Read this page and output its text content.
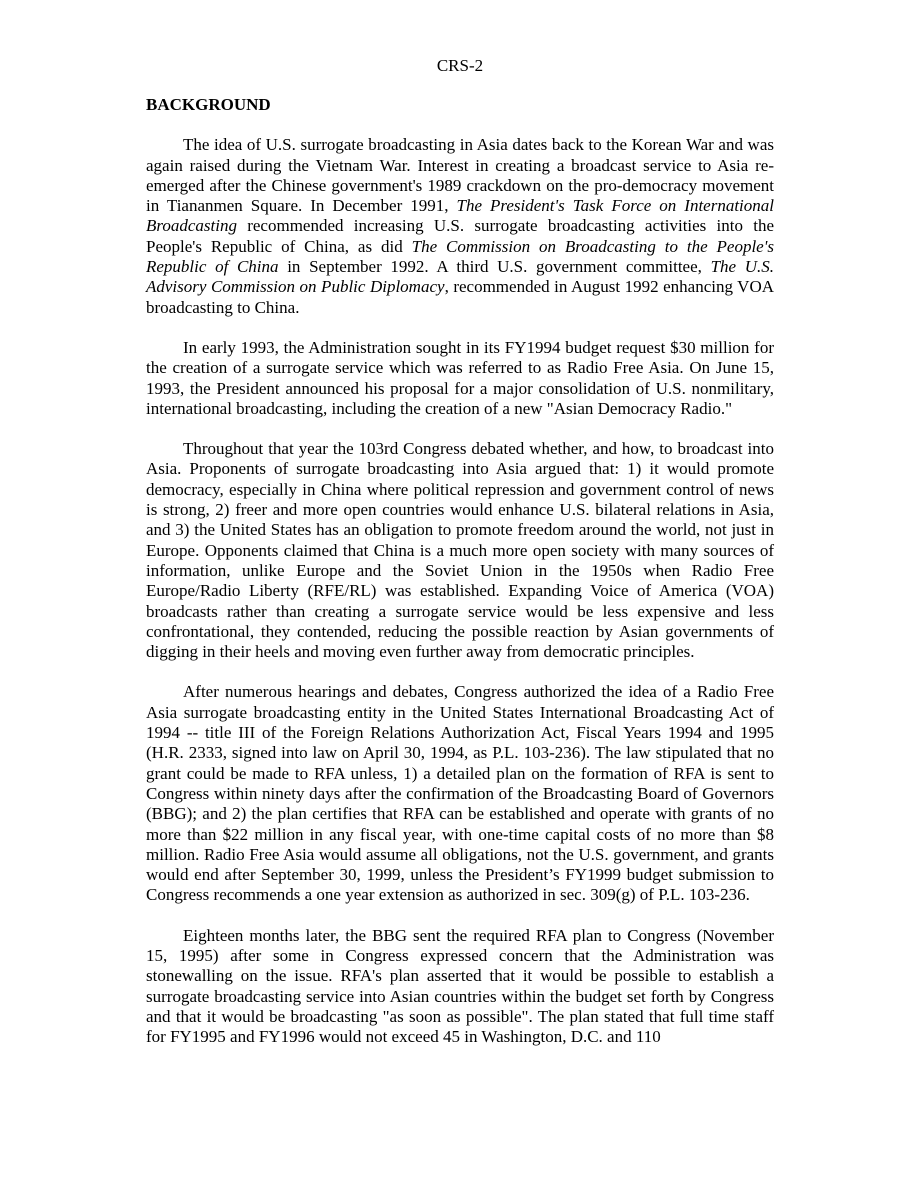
CRS-2
BACKGROUND

The idea of U.S. surrogate broadcasting in Asia dates back to the Korean War and was again raised during the Vietnam War. Interest in creating a broadcast service to Asia re-emerged after the Chinese government's 1989 crackdown on the pro-democracy movement in Tiananmen Square. In December 1991, The President's Task Force on International Broadcasting recommended increasing U.S. surrogate broadcasting activities into the People's Republic of China, as did The Commission on Broadcasting to the People's Republic of China in September 1992. A third U.S. government committee, The U.S. Advisory Commission on Public Diplomacy, recommended in August 1992 enhancing VOA broadcasting to China.

In early 1993, the Administration sought in its FY1994 budget request $30 million for the creation of a surrogate service which was referred to as Radio Free Asia. On June 15, 1993, the President announced his proposal for a major consolidation of U.S. nonmilitary, international broadcasting, including the creation of a new "Asian Democracy Radio."

Throughout that year the 103rd Congress debated whether, and how, to broadcast into Asia. Proponents of surrogate broadcasting into Asia argued that: 1) it would promote democracy, especially in China where political repression and government control of news is strong, 2) freer and more open countries would enhance U.S. bilateral relations in Asia, and 3) the United States has an obligation to promote freedom around the world, not just in Europe. Opponents claimed that China is a much more open society with many sources of information, unlike Europe and the Soviet Union in the 1950s when Radio Free Europe/Radio Liberty (RFE/RL) was established. Expanding Voice of America (VOA) broadcasts rather than creating a surrogate service would be less expensive and less confrontational, they contended, reducing the possible reaction by Asian governments of digging in their heels and moving even further away from democratic principles.

After numerous hearings and debates, Congress authorized the idea of a Radio Free Asia surrogate broadcasting entity in the United States International Broadcasting Act of 1994 -- title III of the Foreign Relations Authorization Act, Fiscal Years 1994 and 1995 (H.R. 2333, signed into law on April 30, 1994, as P.L. 103-236). The law stipulated that no grant could be made to RFA unless, 1) a detailed plan on the formation of RFA is sent to Congress within ninety days after the confirmation of the Broadcasting Board of Governors (BBG); and 2) the plan certifies that RFA can be established and operate with grants of no more than $22 million in any fiscal year, with one-time capital costs of no more than $8 million. Radio Free Asia would assume all obligations, not the U.S. government, and grants would end after September 30, 1999, unless the President’s FY1999 budget submission to Congress recommends a one year extension as authorized in sec. 309(g) of P.L. 103-236.

Eighteen months later, the BBG sent the required RFA plan to Congress (November 15, 1995) after some in Congress expressed concern that the Administration was stonewalling on the issue. RFA's plan asserted that it would be possible to establish a surrogate broadcasting service into Asian countries within the budget set forth by Congress and that it would be broadcasting "as soon as possible". The plan stated that full time staff for FY1995 and FY1996 would not exceed 45 in Washington, D.C. and 110
